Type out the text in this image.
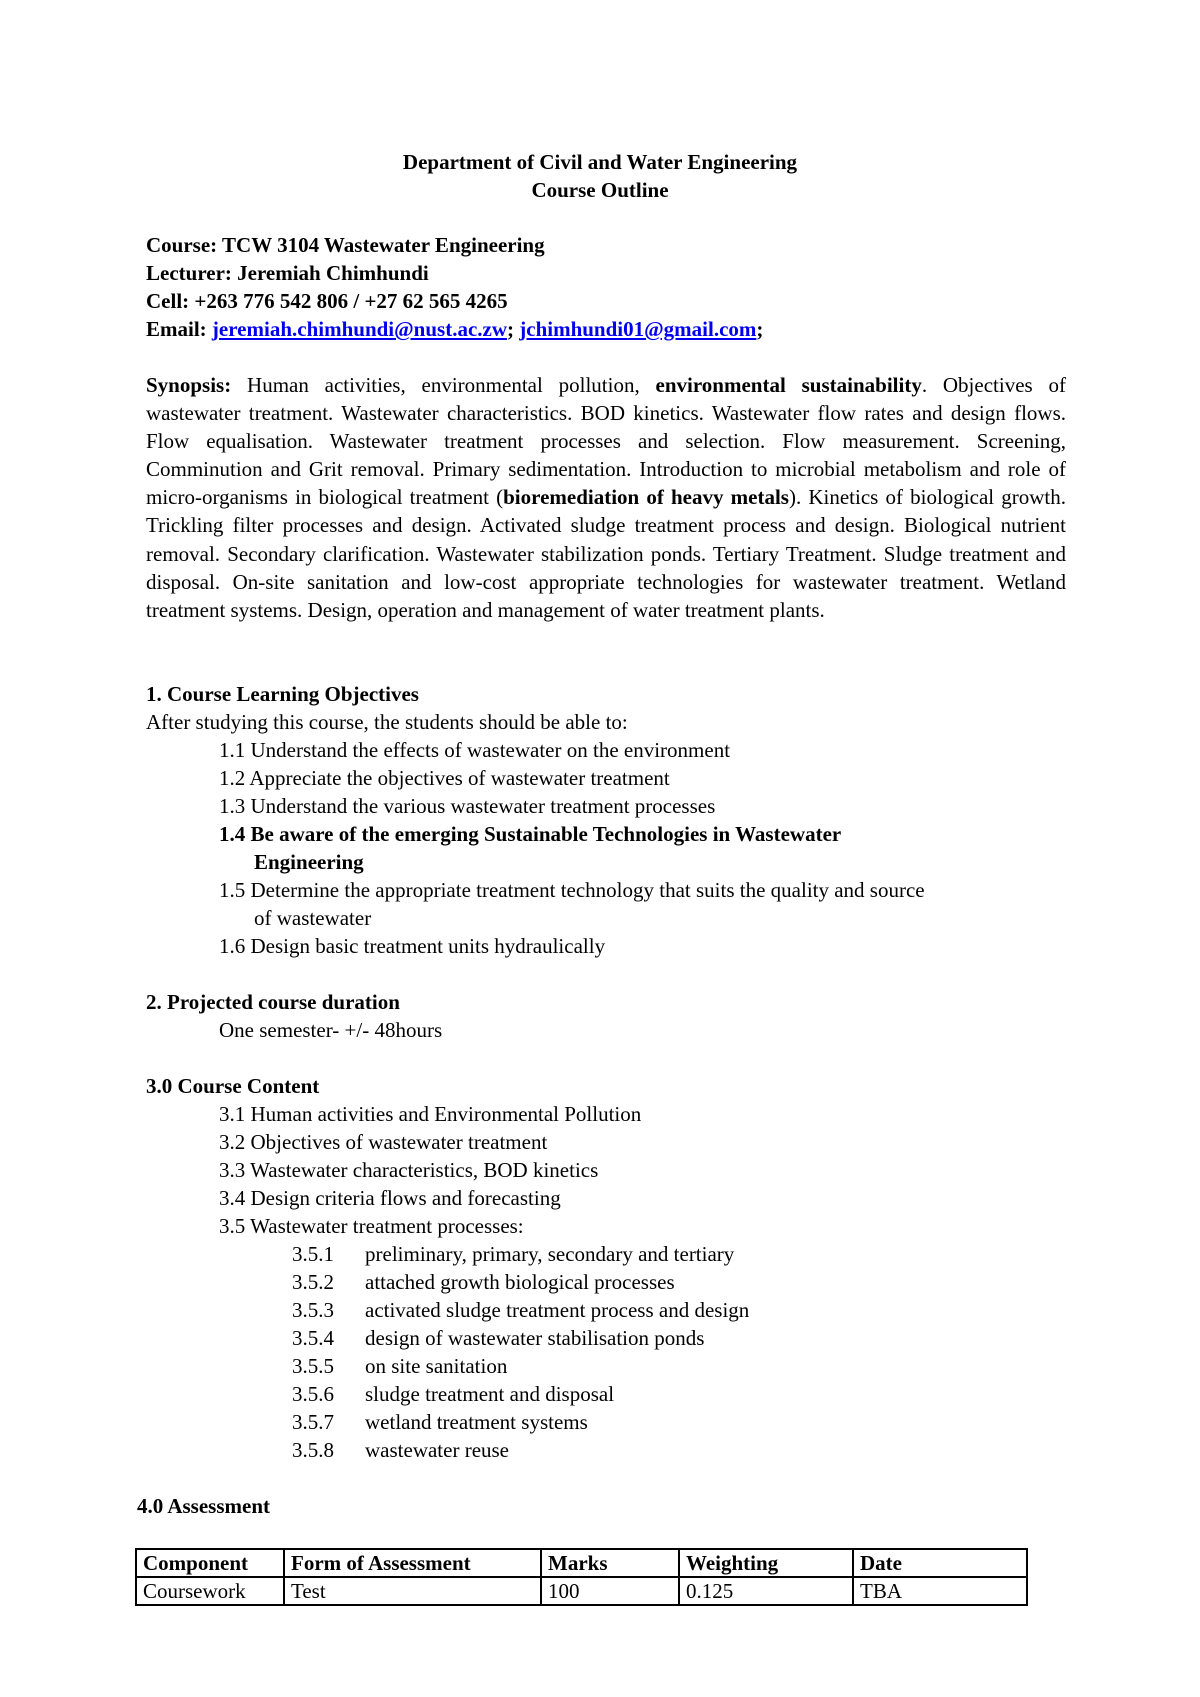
Department of Civil and Water Engineering
Course Outline
Course: TCW 3104 Wastewater Engineering
Lecturer: Jeremiah Chimhundi
Cell: +263 776 542 806 / +27 62 565 4265
Email: jeremiah.chimhundi@nust.ac.zw; jchimhundi01@gmail.com;
Synopsis: Human activities, environmental pollution, environmental sustainability. Objectives of wastewater treatment. Wastewater characteristics. BOD kinetics. Wastewater flow rates and design flows. Flow equalisation. Wastewater treatment processes and selection. Flow measurement. Screening, Comminution and Grit removal. Primary sedimentation. Introduction to microbial metabolism and role of micro-organisms in biological treatment (bioremediation of heavy metals). Kinetics of biological growth. Trickling filter processes and design. Activated sludge treatment process and design. Biological nutrient removal. Secondary clarification. Wastewater stabilization ponds. Tertiary Treatment. Sludge treatment and disposal. On-site sanitation and low-cost appropriate technologies for wastewater treatment. Wetland treatment systems. Design, operation and management of water treatment plants.
1. Course Learning Objectives
After studying this course, the students should be able to:
1.1 Understand the effects of wastewater on the environment
1.2 Appreciate the objectives of wastewater treatment
1.3 Understand the various wastewater treatment processes
1.4 Be aware of the emerging Sustainable Technologies in Wastewater
Engineering
1.5 Determine the appropriate treatment technology that suits the quality and source
of wastewater
1.6 Design basic treatment units hydraulically
2. Projected course duration
One semester- +/- 48hours
3.0 Course Content
3.1 Human activities and Environmental Pollution
3.2 Objectives of wastewater treatment
3.3 Wastewater characteristics, BOD kinetics
3.4 Design criteria flows and forecasting
3.5 Wastewater treatment processes:
3.5.1 preliminary, primary, secondary and tertiary
3.5.2 attached growth biological processes
3.5.3 activated sludge treatment process and design
3.5.4 design of wastewater stabilisation ponds
3.5.5 on site sanitation
3.5.6 sludge treatment and disposal
3.5.7 wetland treatment systems
3.5.8 wastewater reuse
4.0 Assessment
Component	Form of Assessment	Marks	Weighting	Date
Coursework	Test	100	0.125	TBA
